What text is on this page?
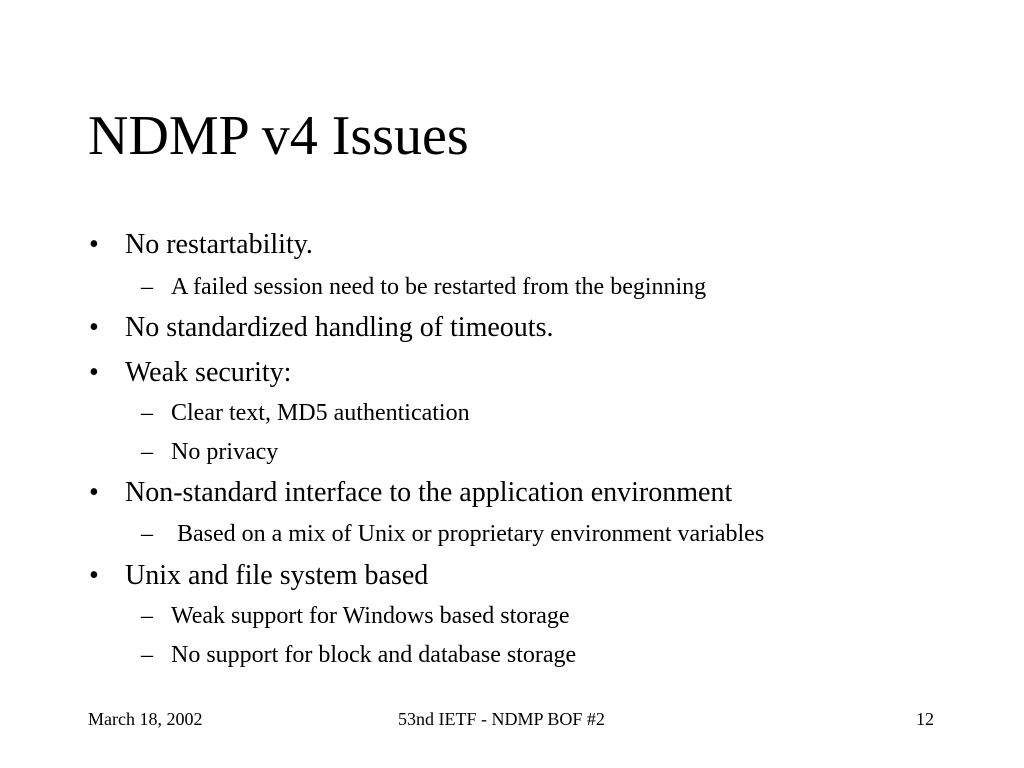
NDMP v4 Issues
• No restartability.
– A failed session need to be restarted from the beginning
• No standardized handling of timeouts.
• Weak security:
– Clear text, MD5 authentication
– No privacy
• Non-standard interface to the application environment
– Based on a mix of Unix or proprietary environment variables
• Unix and file system based
– Weak support for Windows based storage
– No support for block and database storage
March 18, 2002	53nd IETF - NDMP BOF #2	12
